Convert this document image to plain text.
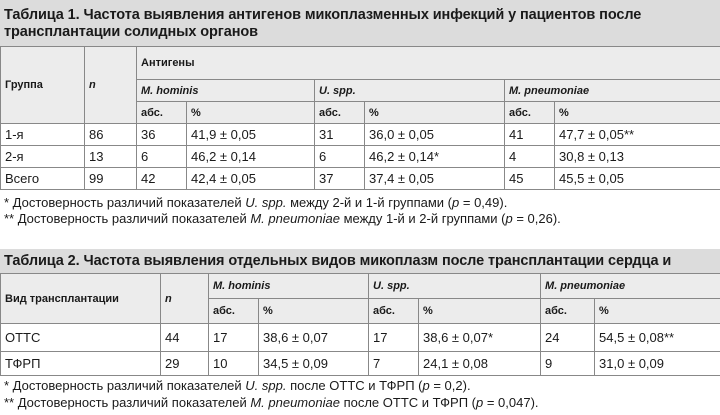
Таблица 1. Частота выявления антигенов микоплазменных инфекций у пациентов после
трансплантации солидных органов
Группа	n	Антигены					
		M. hominis		U. spp.		M. pneumoniae	
		абс.	%	абс.	%	абс.	%
1-я	86	36	41,9 ± 0,05	31	36,0 ± 0,05	41	47,7 ± 0,05**
2-я	13	6	46,2 ± 0,14	6	46,2 ± 0,14*	4	30,8 ± 0,13
Всего	99	42	42,4 ± 0,05	37	37,4 ± 0,05	45	45,5 ± 0,05
* Достоверность различий показателей U. spp. между 2-й и 1-й группами (p = 0,49).
** Достоверность различий показателей M. pneumoniae между 1-й и 2-й группами (p = 0,26).
Таблица 2. Частота выявления отдельных видов микоплазм после трансплантации сердца и
Вид трансплантации	n	M. hominis		U. spp.		M. pneumoniae	
		абс.	%	абс.	%	абс.	%
ОТТС	44	17	38,6 ± 0,07	17	38,6 ± 0,07*	24	54,5 ± 0,08**
ТФРП	29	10	34,5 ± 0,09	7	24,1 ± 0,08	9	31,0 ± 0,09
* Достоверность различий показателей U. spp. после ОТТС и ТФРП (p = 0,2).
** Достоверность различий показателей M. pneumoniae после ОТТС и ТФРП (p = 0,047).
